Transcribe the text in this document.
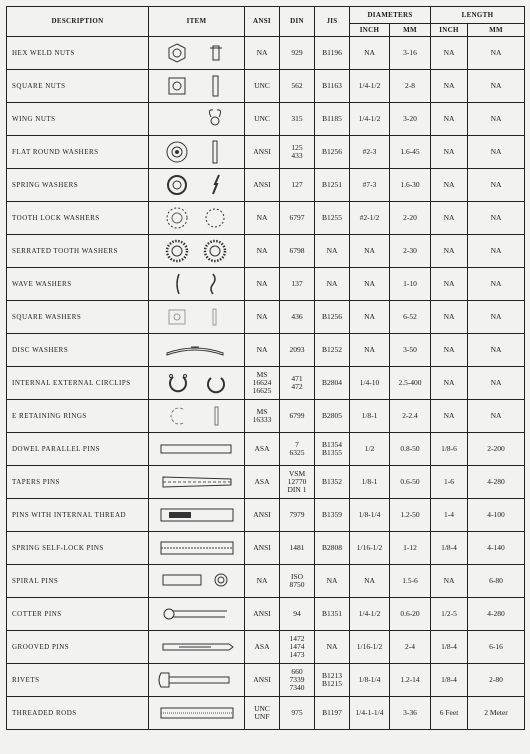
DESCRIPTION	ITEM	ANSI	DIN	JIS	DIAMETERS		LENGTH	
					INCH	MM	INCH	MM
HEX WELD NUTS		NA	929	B1196	NA	3-16	NA	NA
SQUARE NUTS		UNC	562	B1163	1/4-1/2	2-8	NA	NA
WING NUTS		UNC	315	B1185	1/4-1/2	3-20	NA	NA
FLAT ROUND WASHERS		ANSI	125
433	B1256	#2-3	1.6-45	NA	NA
SPRING WASHERS		ANSI	127	B1251	#7-3	1.6-30	NA	NA
TOOTH LOCK WASHERS		NA	6797	B1255	#2-1/2	2-20	NA	NA
SERRATED TOOTH WASHERS		NA	6798	NA	NA	2-30	NA	NA
WAVE WASHERS		NA	137	NA	NA	1-10	NA	NA
SQUARE WASHERS		NA	436	B1256	NA	6-52	NA	NA
DISC WASHERS		NA	2093	B1252	NA	3-50	NA	NA
INTERNAL EXTERNAL CIRCLIPS		MS
16624
16625	471
472	B2804	1/4-10	2.5-400	NA	NA
E RETAINING RINGS		MS
16333	6799	B2805	1/8-1	2-2.4	NA	NA
DOWEL PARALLEL PINS		ASA	7
6325	B1354
B1355	1/2	0.8-50	1/8-6	2-200
TAPERS PINS		ASA	VSM
12770
DIN 1	B1352	1/8-1	0.6-50	1-6	4-280
PINS WITH INTERNAL THREAD		ANSI	7979	B1359	1/8-1/4	1.2-50	1-4	4-100
SPRING SELF-LOCK PINS		ANSI	1481	B2808	1/16-1/2	1-12	1/8-4	4-140
SPIRAL PINS		NA	ISO
8750	NA	NA	1.5-6	NA	6-80
COTTER PINS		ANSI	94	B1351	1/4-1/2	0.6-20	1/2-5	4-280
GROOVED PINS		ASA	1472
1474
1473	NA	1/16-1/2	2-4	1/8-4	6-16
RIVETS		ANSI	660
7339
7340	B1213
B1215	1/8-1/4	1.2-14	1/8-4	2-80
THREADED RODS		UNC
UNF	975	B1197	1/4-1-1/4	3-36	6 Feet	2 Meter
